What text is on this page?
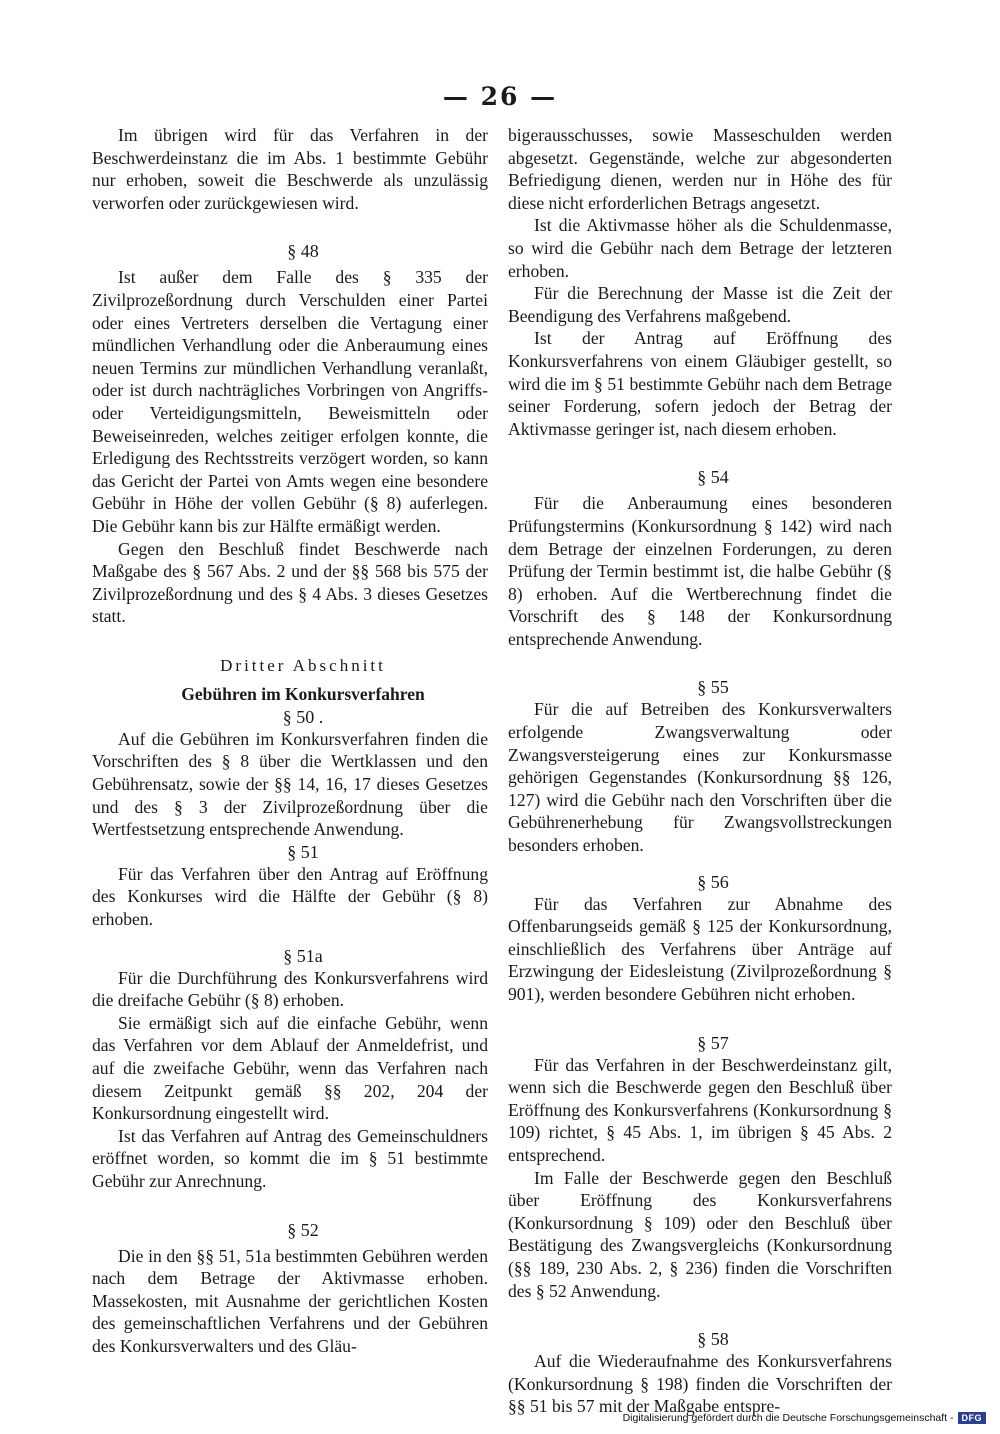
— 26 —

Im übrigen wird für das Verfahren in der Beschwerdeinstanz die im Abs. 1 bestimmte Gebühr nur erhoben, soweit die Beschwerde als unzulässig verworfen oder zurückgewiesen wird.

§ 48

Ist außer dem Falle des § 335 der Zivilprozeßordnung durch Verschulden einer Partei oder eines Vertreters derselben die Vertagung einer mündlichen Verhandlung oder die Anberaumung eines neuen Termins zur mündlichen Verhandlung veranlaßt, oder ist durch nachträgliches Vorbringen von Angriffs- oder Verteidigungsmitteln, Beweismitteln oder Beweiseinreden, welches zeitiger erfolgen konnte, die Erledigung des Rechtsstreits verzögert worden, so kann das Gericht der Partei von Amts wegen eine besondere Gebühr in Höhe der vollen Gebühr (§ 8) auferlegen. Die Gebühr kann bis zur Hälfte ermäßigt werden.

Gegen den Beschluß findet Beschwerde nach Maßgabe des § 567 Abs. 2 und der §§ 568 bis 575 der Zivilprozeßordnung und des § 4 Abs. 3 dieses Gesetzes statt.

Dritter Abschnitt

Gebühren im Konkursverfahren

§ 50 .

Auf die Gebühren im Konkursverfahren finden die Vorschriften des § 8 über die Wertklassen und den Gebührensatz, sowie der §§ 14, 16, 17 dieses Gesetzes und des § 3 der Zivilprozeßordnung über die Wertfestsetzung entsprechende Anwendung.

§ 51

Für das Verfahren über den Antrag auf Eröffnung des Konkurses wird die Hälfte der Gebühr (§ 8) erhoben.

§ 51a

Für die Durchführung des Konkursverfahrens wird die dreifache Gebühr (§ 8) erhoben.

Sie ermäßigt sich auf die einfache Gebühr, wenn das Verfahren vor dem Ablauf der Anmeldefrist, und auf die zweifache Gebühr, wenn das Verfahren nach diesem Zeitpunkt gemäß §§ 202, 204 der Konkursordnung eingestellt wird.

Ist das Verfahren auf Antrag des Gemeinschuldners eröffnet worden, so kommt die im § 51 bestimmte Gebühr zur Anrechnung.

§ 52

Die in den §§ 51, 51a bestimmten Gebühren werden nach dem Betrage der Aktivmasse erhoben. Massekosten, mit Ausnahme der gerichtlichen Kosten des gemeinschaftlichen Verfahrens und der Gebühren des Konkursverwalters und des Gläu-

bigerausschusses, sowie Masseschulden werden abgesetzt. Gegenstände, welche zur abgesonderten Befriedigung dienen, werden nur in Höhe des für diese nicht erforderlichen Betrags angesetzt.

Ist die Aktivmasse höher als die Schuldenmasse, so wird die Gebühr nach dem Betrage der letzteren erhoben.

Für die Berechnung der Masse ist die Zeit der Beendigung des Verfahrens maßgebend.

Ist der Antrag auf Eröffnung des Konkursverfahrens von einem Gläubiger gestellt, so wird die im § 51 bestimmte Gebühr nach dem Betrage seiner Forderung, sofern jedoch der Betrag der Aktivmasse geringer ist, nach diesem erhoben.

§ 54

Für die Anberaumung eines besonderen Prüfungstermins (Konkursordnung § 142) wird nach dem Betrage der einzelnen Forderungen, zu deren Prüfung der Termin bestimmt ist, die halbe Gebühr (§ 8) erhoben. Auf die Wertberechnung findet die Vorschrift des § 148 der Konkursordnung entsprechende Anwendung.

§ 55

Für die auf Betreiben des Konkursverwalters erfolgende Zwangsverwaltung oder Zwangsversteigerung eines zur Konkursmasse gehörigen Gegenstandes (Konkursordnung §§ 126, 127) wird die Gebühr nach den Vorschriften über die Gebührenerhebung für Zwangsvollstreckungen besonders erhoben.

§ 56

Für das Verfahren zur Abnahme des Offenbarungseids gemäß § 125 der Konkursordnung, einschließlich des Verfahrens über Anträge auf Erzwingung der Eidesleistung (Zivilprozeßordnung § 901), werden besondere Gebühren nicht erhoben.

§ 57

Für das Verfahren in der Beschwerdeinstanz gilt, wenn sich die Beschwerde gegen den Beschluß über Eröffnung des Konkursverfahrens (Konkursordnung § 109) richtet, § 45 Abs. 1, im übrigen § 45 Abs. 2 entsprechend.

Im Falle der Beschwerde gegen den Beschluß über Eröffnung des Konkursverfahrens (Konkursordnung § 109) oder den Beschluß über Bestätigung des Zwangsvergleichs (Konkursordnung (§§ 189, 230 Abs. 2, § 236) finden die Vorschriften des § 52 Anwendung.

§ 58

Auf die Wiederaufnahme des Konkursverfahrens (Konkursordnung § 198) finden die Vorschriften der §§ 51 bis 57 mit der Maßgabe entspre-

Digitalisierung gefördert durch die Deutsche Forschungsgemeinschaft - DFG
